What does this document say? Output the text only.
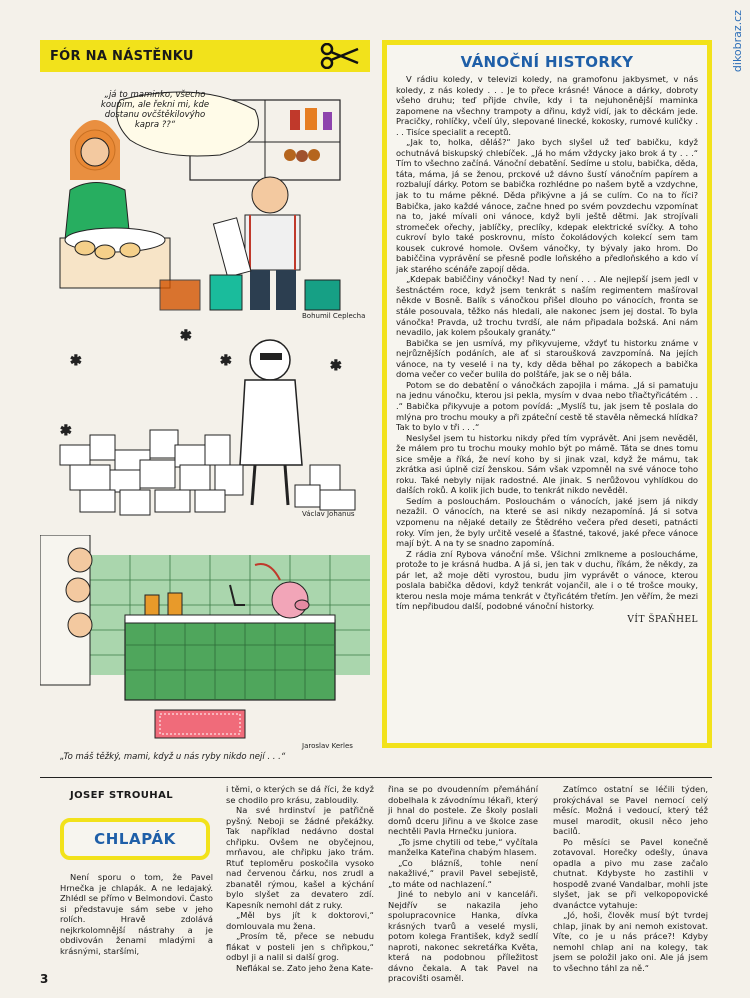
dikobraz.cz
FÓR NA NÁSTĚNKU
„já to maminko, všecho koupim, ale řekni mi, kde dostanu ovčštěkilovýho kapra ??“
Bohumil Ceplecha
✱
✱	✱
✱
✱
Václav Johanus
Jaroslav Kerles
„To máš těžký, mami, když u nás ryby nikdo nejí . . .“
VÁNOČNÍ HISTORKY

V rádiu koledy, v televizi koledy, na gramofonu jakbysmet, v nás koledy, z nás koledy . . . Je to přece krásné! Vánoce a dárky, dobroty všeho druhu; teď přijde chvíle, kdy i ta nejuhoněnější maminka zapomene na všechny trampoty a dřinu, když vidí, jak to děckám jede. Pracičky, rohlíčky, včelí úly, slepované linecké, kokosky, rumové kuličky . . . Tisíce specialit a receptů.

„Jak to, holka, děláš?“ Jako bych slyšel už teď babičku, když ochutnává biskupský chlebíček. „Já ho mám vždycky jako brok á ty . . .“ Tím to všechno začíná. Vánoční debatění. Sedíme u stolu, babička, děda, táta, máma, já se ženou, prckové už dávno šustí vánočním papírem a rozbalují dárky. Potom se babička rozhlédne po našem bytě a vzdychne, jak to tu máme pěkné. Děda přikývne a já se culím. Co na to říci? Babička, jako každé vánoce, začne hned po svém povzdechu vzpomínat na to, jaké mívali oni vánoce, když byli ještě dětmi. Jak strojívali stromeček ořechy, jablíčky, preclíky, kdepak elektrické svíčky. A toho cukroví bylo také poskrovnu, místo čokoládových kolekcí sem tam kousek cukrové homole. Ovšem vánočky, ty bývaly jako hrom. Do babiččina vyprávění se přesně podle loňského a předloňského a kdo ví jak starého scénáře zapojí děda.

„Kdepak babiččiny vánočky! Nad ty není . . . Ale nejlepší jsem jedl v šestnáctém roce, když jsem tenkrát s naším regimentem mašíroval někde v Bosně. Balík s vánočkou přišel dlouho po vánocích, fronta se stále posouvala, těžko nás hledali, ale nakonec jsem jej dostal. To byla vánočka! Pravda, už trochu tvrdší, ale nám připadala božská. Ani nám nevadilo, jak kolem pšoukaly granáty.“

Babička se jen usmívá, my přikyvujeme, vždyť tu historku známe v nejrůznějších podáních, ale ať si staroušková zavzpomíná. Na jejích vánoce, na ty veselé i na ty, kdy děda běhal po zákopech a babička doma večer co večer bulila do polštáře, jak se o něj bála.

Potom se do debatění o vánočkách zapojila i máma. „Já si pamatuju na jednu vánočku, kterou jsi pekla, mysím v dvaa nebo třiačtyřicátém . . .“ Babička přikyvuje a potom povídá: „Myslíš tu, jak jsem tě poslala do mlýna pro trochu mouky a při zpáteční cestě tě stavěla německá hlídka? Tak to bylo v tři . . .“

Neslyšel jsem tu historku nikdy před tím vyprávět. Ani jsem nevěděl, že málem pro tu trochu mouky mohlo být po mámě. Táta se dnes tomu sice směje a říká, že neví koho by si jinak vzal, když že mámu, tak zkrátka asi úplně cizí ženskou. Sám však vzpomněl na své vánoce toho roku. Také nebyly nijak radostné. Ale jinak. S nerůžovou vyhlídkou do dalších roků. A kolik jich bude, to tenkrát nikdo nevěděl.

Sedím a poslouchám. Poslouchám o vánocích, jaké jsem já nikdy nezažil. O vánocích, na které se asi nikdy nezapomíná. Já si sotva vzpomenu na nějaké detaily ze Štědrého večera před deseti, patnácti roky. Vím jen, že byly určitě veselé a šťastné, takové, jaké přece vánoce mají být. A na ty se snadno zapomíná.

Z rádia zní Rybova vánoční mše. Všichni zmlkneme a posloucháme, protože to je krásná hudba. A já si, jen tak v duchu, říkám, že někdy, za pár let, až moje děti vyrostou, budu jim vyprávět o vánoce, kterou poslala babička dědovi, když tenkrát vojančil, ale i o té trošce mouky, kterou nesla moje máma tenkrát v čtyřicátém třetím. Jen věřím, že mezi tím nepřibudou další, podobné vánoční historky.

VÍT ŠPAŇHEL
JOSEF STROUHAL
CHLAPÁK

Není sporu o tom, že Pavel Hrnečka je chlapák. A ne ledajaký. Zhlédl se přímo v Belmondovi. Často si představuje sám sebe v jeho rolích. Hravě zdolává nejkrkolomnější nástrahy a je obdivován ženami mladými a krásnými, staršími,

i těmi, o kterých se dá říci, že když se chodilo pro krásu, zabloudily.

Na své hrdinství je patřičně pyšný. Neboji se žádné překážky. Tak například nedávno dostal chřipku. Ovšem ne obyčejnou, mrňavou, ale chřipku jako trám. Rtuť teploměru poskočila vysoko nad červenou čárku, nos zrudl a zbanatěl rýmou, kašel a kýchání bylo slyšet za devatero zdí. Kapesník nemohl dát z ruky.

„Měl bys jít k doktorovi,“ domlouvala mu žena.

„Prosím tě, přece se nebudu flákat v posteli jen s chřipkou,“ odbyl ji a nalil si další grog.

Neflákal se. Zato jeho žena Kate-

řina se po dvoudenním přemáhání dobelhala k závodnímu lékaři, který ji hnal do postele. Ze školy poslali domů dceru Jiřinu a ve školce zase nechtěli Pavla Hrnečku juniora.

„To jsme chytili od tebe,“ vyčítala manželka Kateřina chabým hlasem.

„Co blázníš, tohle není nakažlivé,“ pravil Pavel sebejistě, „to máte od nachlazení.“

Jiné to nebylo ani v kanceláři. Nejdřív se nakazila jeho spolupracovnice Hanka, dívka krásných tvarů a veselé mysli, potom kolega František, když sedlí naproti, nakonec sekretářka Květa, která na podobnou příležitost dávno čekala. A tak Pavel na pracovišti osaměl.

Zatímco ostatní se léčili týden, prokýchával se Pavel nemocí celý měsíc. Možná i vedoucí, který též musel marodit, okusil něco jeho bacilů.

Po měsíci se Pavel konečně zotavoval. Horečky odešly, únava opadla a pivo mu zase začalo chutnat. Kdybyste ho zastihli v hospodě zvané Vandalbar, mohli jste slyšet, jak se při velkopopovické dvanáctce vytahuje:

„Jó, hoši, člověk musí být tvrdej chlap, jinak by ani nemoh existovat. Víte, co je u nás práce?! Kdyby nemohl chlap ani na kolegy, tak jsem se položil jako oni. Ale já jsem to všechno táhl za ně.“

3
